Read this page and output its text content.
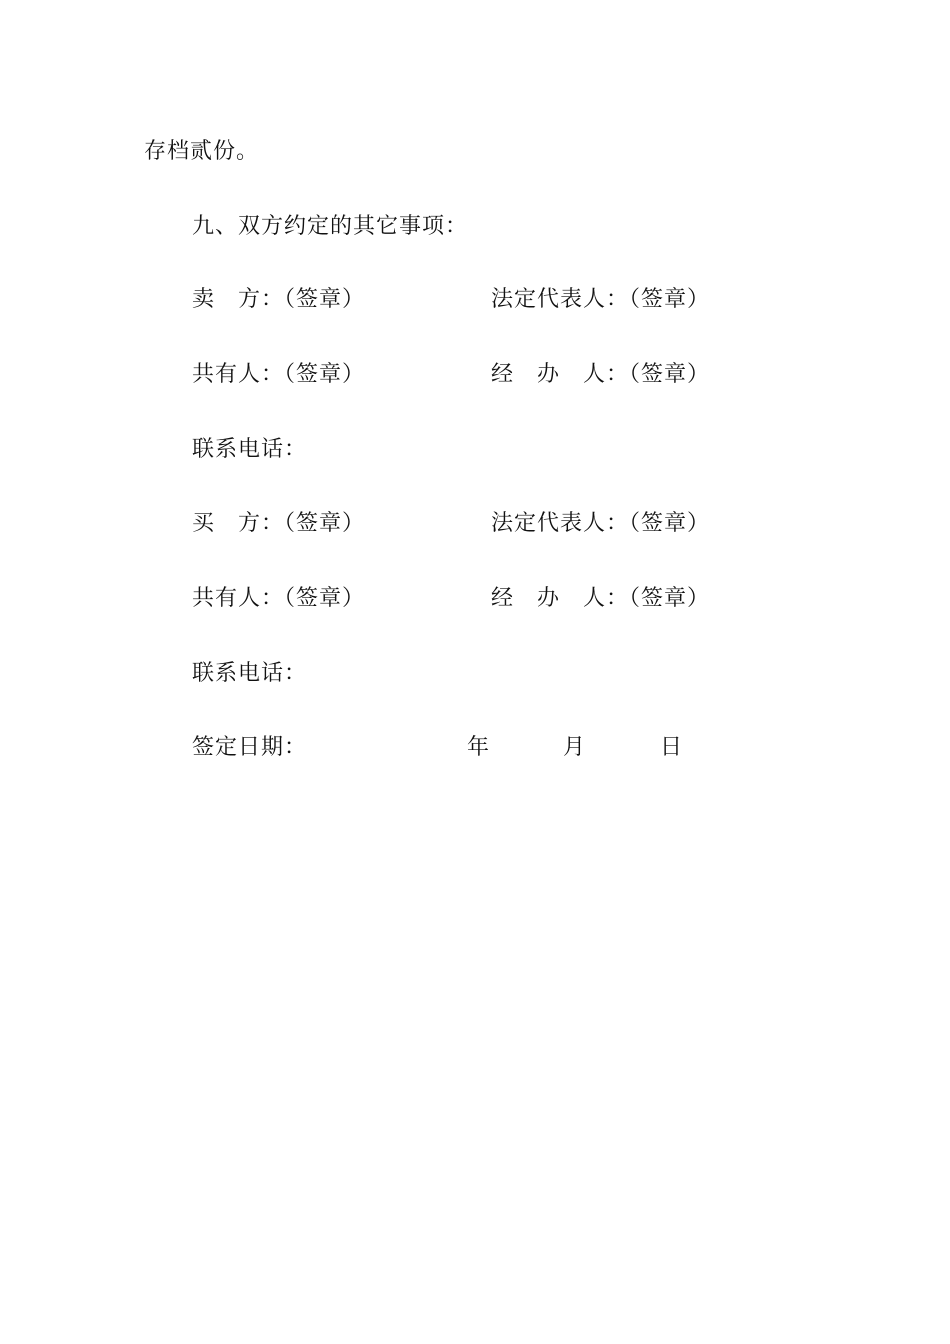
存档贰份。
九、双方约定的其它事项：
卖　方：（签章）	法定代表人：（签章）
共有人：（签章）	经　办　人：（签章）
联系电话：
买　方：（签章）	法定代表人：（签章）
共有人：（签章）	经　办　人：（签章）
联系电话：
签定日期：	年	月	日
